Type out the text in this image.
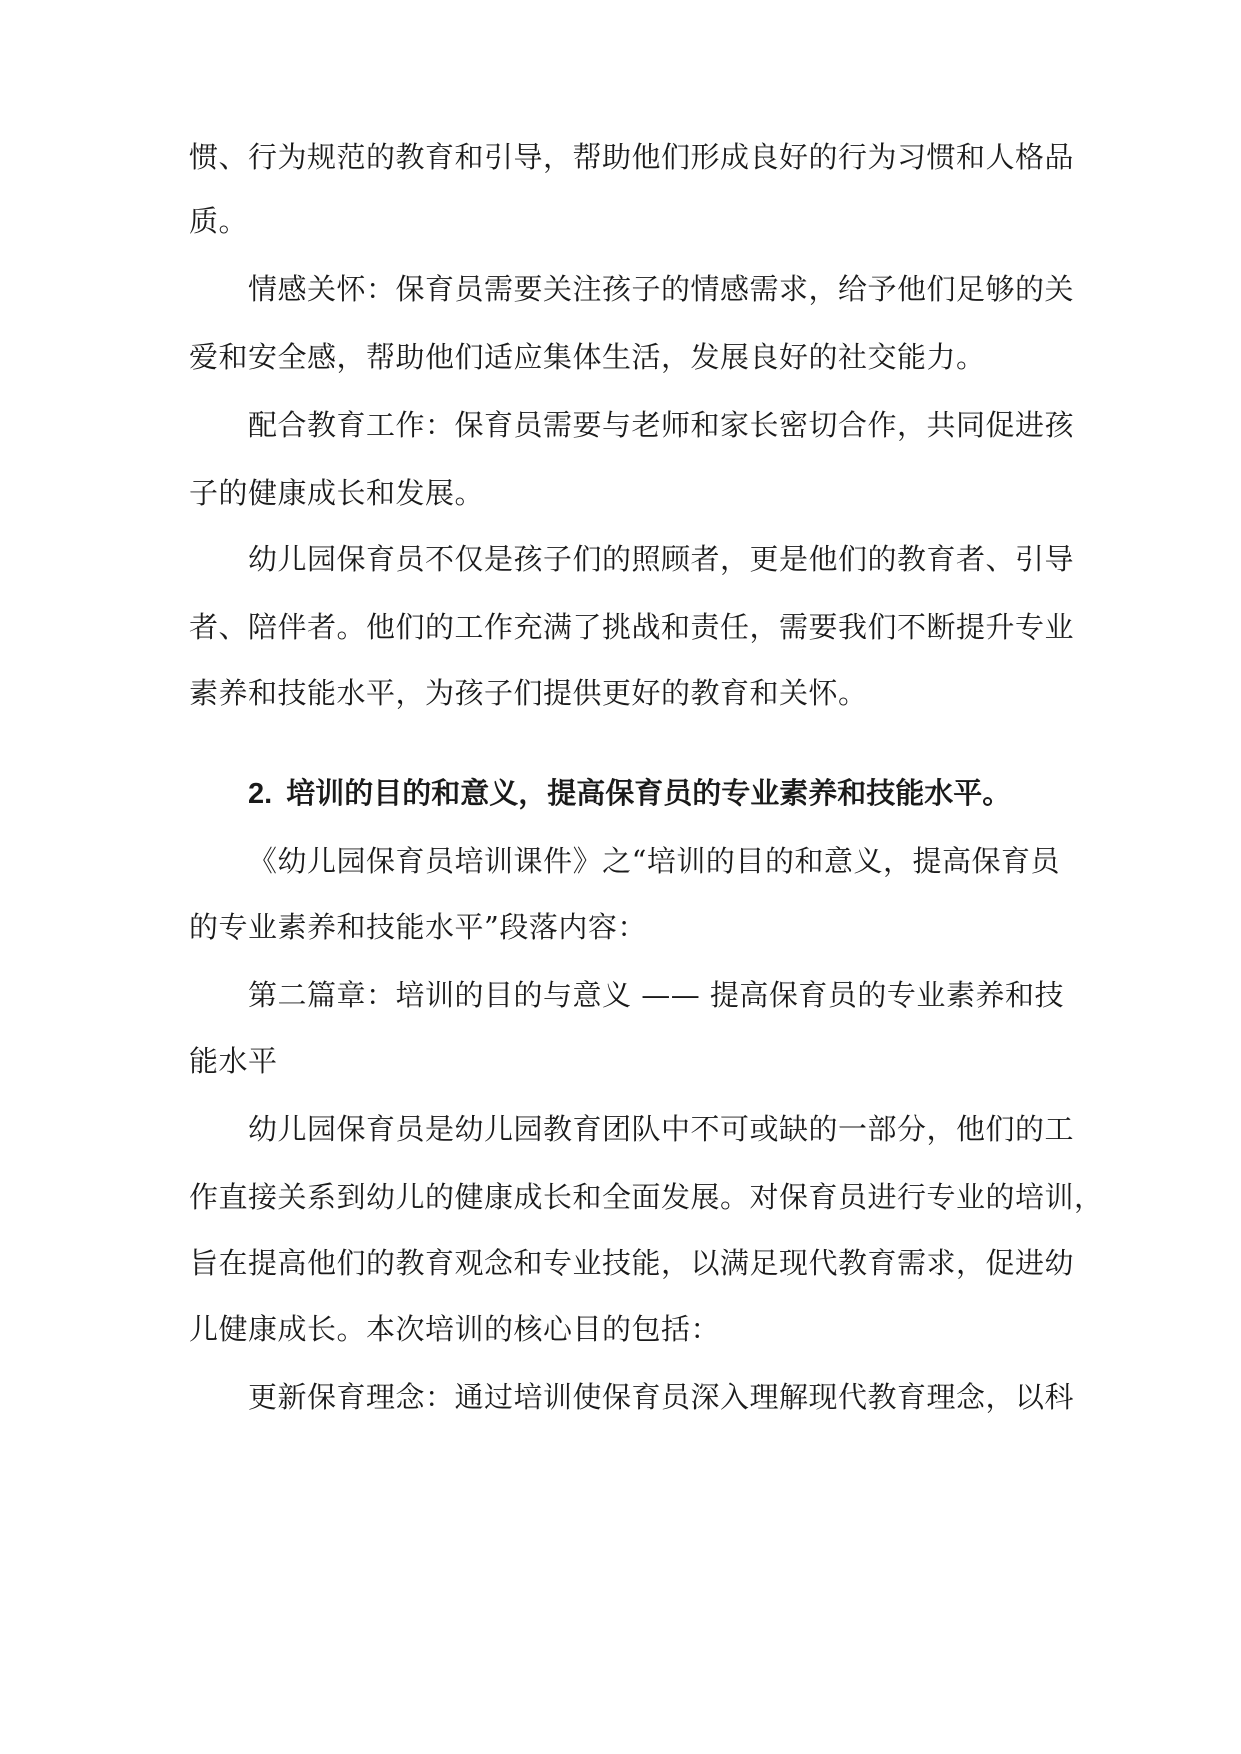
惯、行为规范的教育和引导，帮助他们形成良好的行为习惯和人格品
质。
情感关怀：保育员需要关注孩子的情感需求，给予他们足够的关
爱和安全感，帮助他们适应集体生活，发展良好的社交能力。
配合教育工作：保育员需要与老师和家长密切合作，共同促进孩
子的健康成长和发展。
幼儿园保育员不仅是孩子们的照顾者，更是他们的教育者、引导
者、陪伴者。他们的工作充满了挑战和责任，需要我们不断提升专业
素养和技能水平，为孩子们提供更好的教育和关怀。
2. 培训的目的和意义，提高保育员的专业素养和技能水平。
《幼儿园保育员培训课件》之“培训的目的和意义，提高保育员
的专业素养和技能水平”段落内容：
第二篇章：培训的目的与意义 —— 提高保育员的专业素养和技
能水平
幼儿园保育员是幼儿园教育团队中不可或缺的一部分，他们的工
作直接关系到幼儿的健康成长和全面发展。对保育员进行专业的培训，
旨在提高他们的教育观念和专业技能，以满足现代教育需求，促进幼
儿健康成长。本次培训的核心目的包括：
更新保育理念：通过培训使保育员深入理解现代教育理念，以科
